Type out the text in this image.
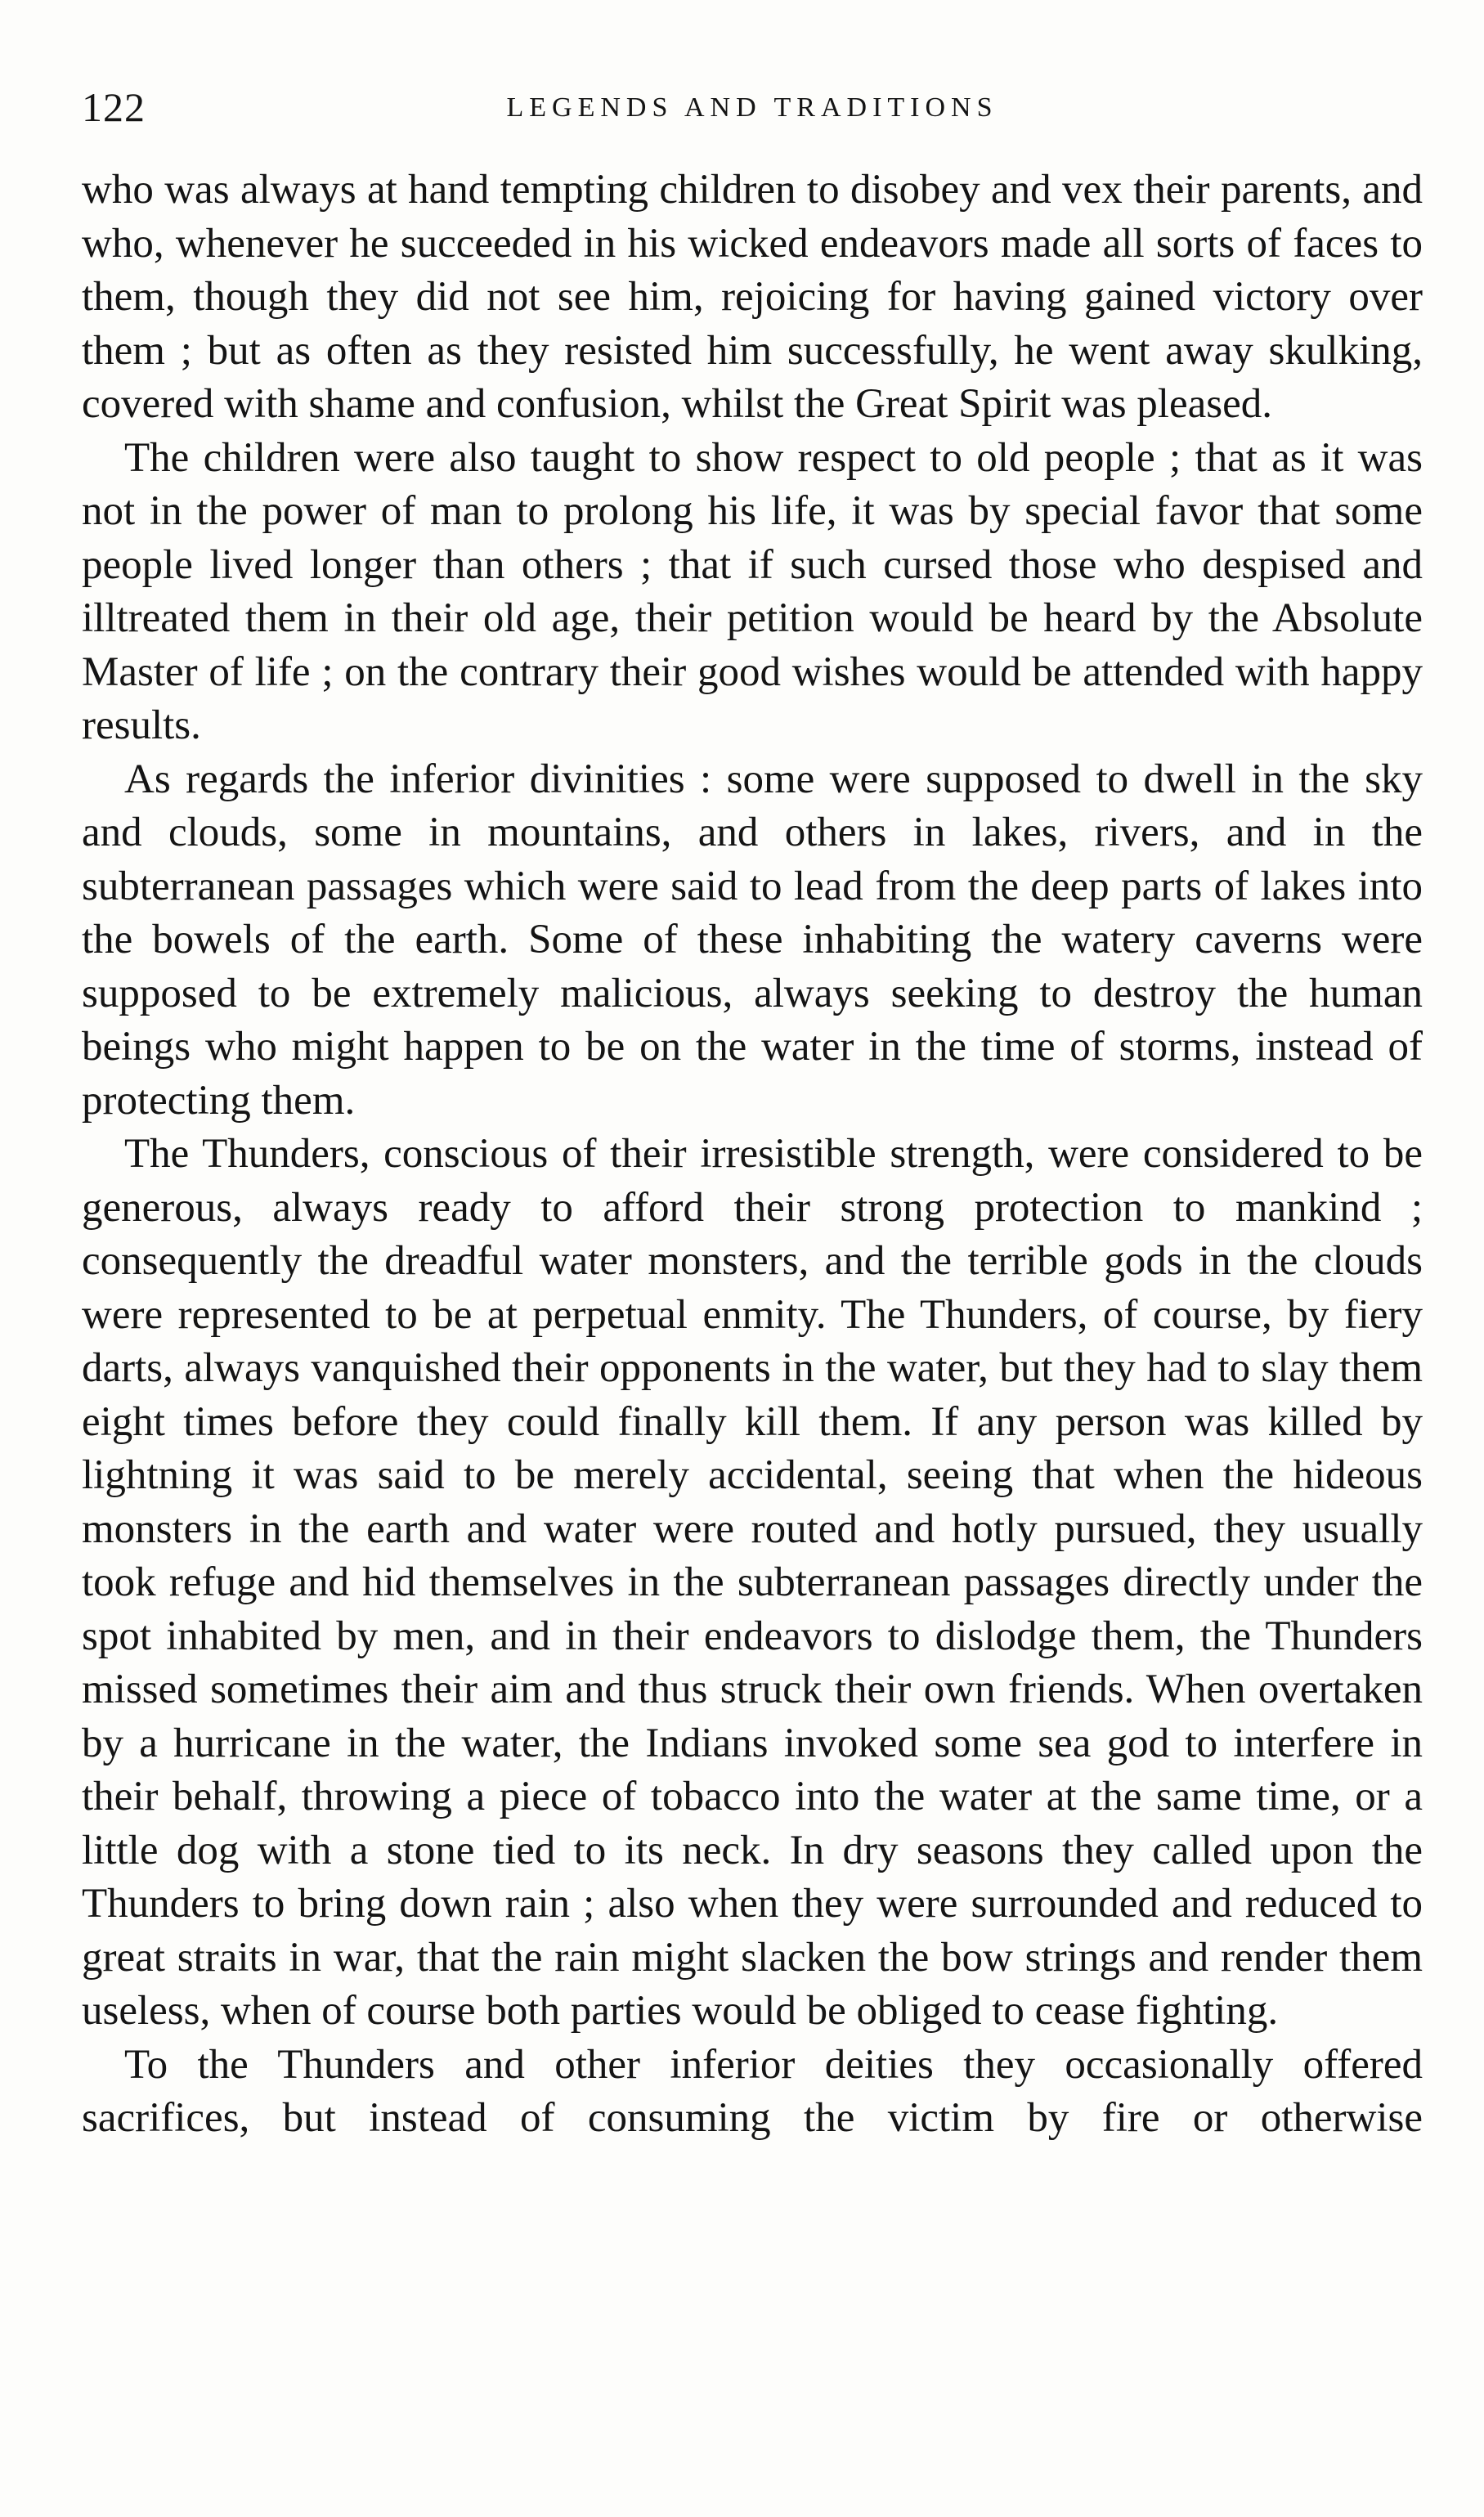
122	LEGENDS AND TRADITIONS

who was always at hand tempting children to disobey and vex their parents, and who, whenever he succeeded in his wicked endeavors made all sorts of faces to them, though they did not see him, rejoicing for having gained victory over them ; but as often as they resisted him successfully, he went away skulking, covered with shame and confusion, whilst the Great Spirit was pleased.

The children were also taught to show respect to old people ; that as it was not in the power of man to prolong his life, it was by special favor that some people lived longer than others ; that if such cursed those who despised and illtreated them in their old age, their petition would be heard by the Absolute Master of life ; on the contrary their good wishes would be attended with happy results.

As regards the inferior divinities : some were supposed to dwell in the sky and clouds, some in mountains, and others in lakes, rivers, and in the subterranean passages which were said to lead from the deep parts of lakes into the bowels of the earth. Some of these inhabiting the watery caverns were supposed to be extremely malicious, always seeking to destroy the human beings who might happen to be on the water in the time of storms, instead of protecting them.

The Thunders, conscious of their irresistible strength, were considered to be generous, always ready to afford their strong protection to mankind ; consequently the dreadful water monsters, and the terrible gods in the clouds were represented to be at perpetual enmity. The Thunders, of course, by fiery darts, always vanquished their opponents in the water, but they had to slay them eight times before they could finally kill them. If any person was killed by lightning it was said to be merely accidental, seeing that when the hideous monsters in the earth and water were routed and hotly pursued, they usually took refuge and hid themselves in the subterranean passages directly under the spot inhabited by men, and in their endeavors to dislodge them, the Thunders missed sometimes their aim and thus struck their own friends. When overtaken by a hurricane in the water, the Indians invoked some sea god to interfere in their behalf, throwing a piece of tobacco into the water at the same time, or a little dog with a stone tied to its neck. In dry seasons they called upon the Thunders to bring down rain ; also when they were surrounded and reduced to great straits in war, that the rain might slacken the bow strings and render them useless, when of course both parties would be obliged to cease fighting.

To the Thunders and other inferior deities they occasionally offered sacrifices, but instead of consuming the victim by fire or otherwise
